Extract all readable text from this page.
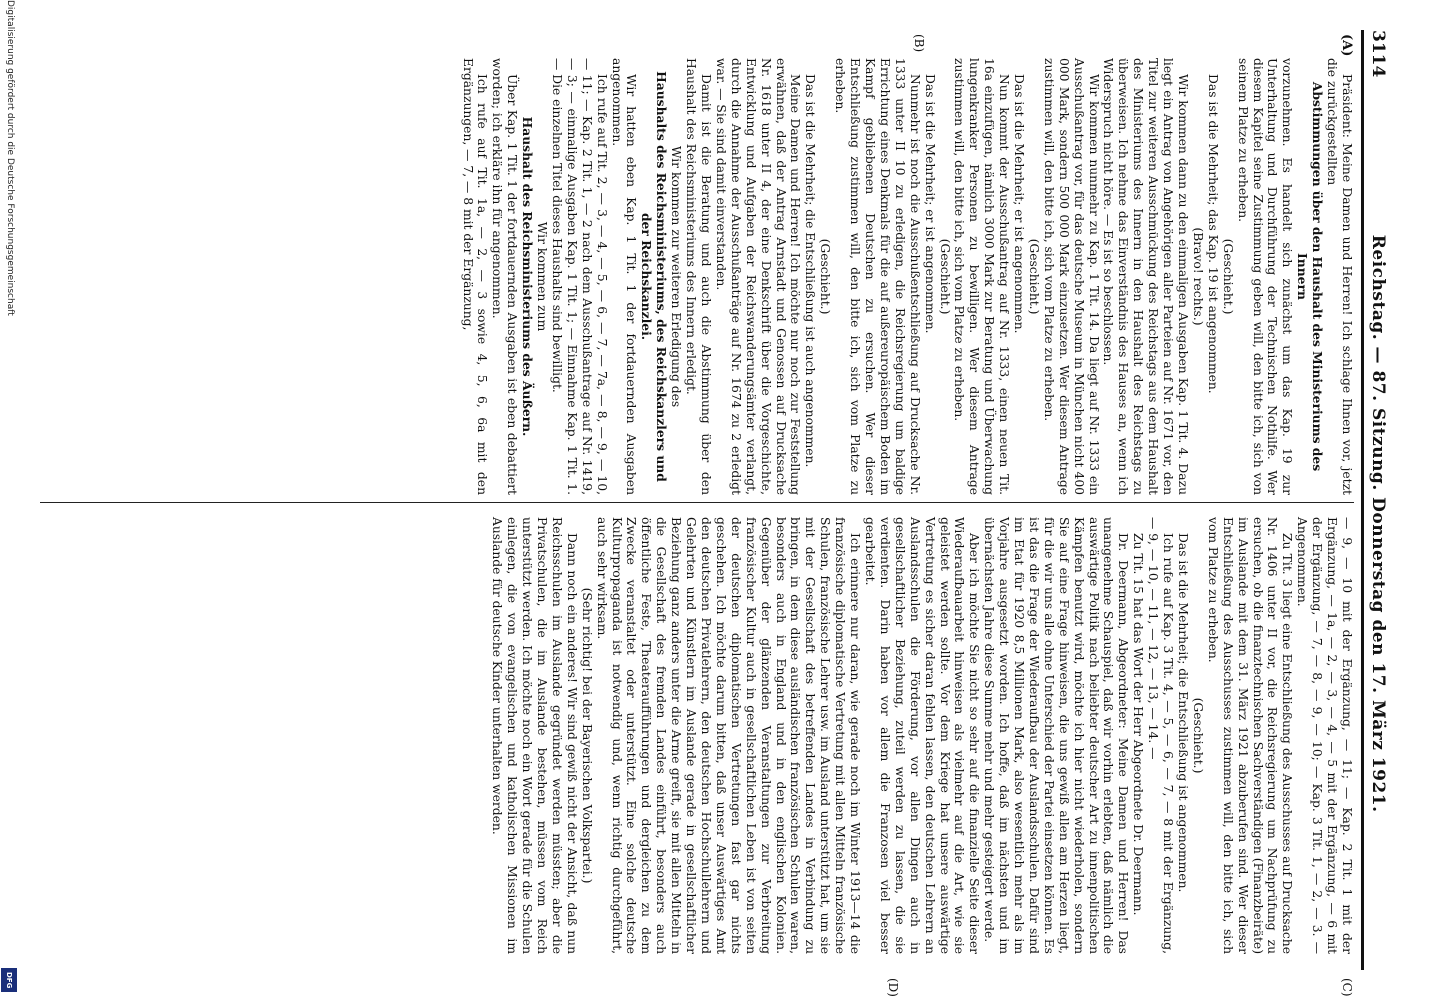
3114
Reichstag. — 87. Sitzung. Donnerstag den 17. März 1921.
(A)
(B)
(C)
(D)

Präsident: Meine Damen und Herren! Ich schlage Ihnen vor, jetzt die zurückgestellten

Abstimmungen über den Haushalt des Ministeriums des Innern

vorzunehmen. Es handelt sich zunächst um das Kap. 19 zur Unterhaltung und Durchführung der Technischen Nothilfe. Wer diesem Kapitel seine Zustimmung geben will, den bitte ich, sich von seinem Platze zu erheben.

(Geschieht.)

Das ist die Mehrheit; das Kap. 19 ist angenommen.

(Bravo! rechts.)

Wir kommen dann zu den einmaligen Ausgaben Kap. 1 Tit. 4. Dazu liegt ein Antrag von Angehörigen aller Parteien auf Nr. 1671 vor, den Titel zur weiteren Ausschmückung des Reichstags aus dem Haushalt des Ministeriums des Innern in den Haushalt des Reichstags zu überweisen. Ich nehme das Einverständnis des Hauses an, wenn ich Widerspruch nicht höre. — Es ist so beschlossen.

Wir kommen nunmehr zu Kap. 1 Tit. 14. Da liegt auf Nr. 1333 ein Ausschußantrag vor, für das deutsche Museum in München nicht 400 000 Mark, sondern 500 000 Mark einzusetzen. Wer diesem Antrage zustimmen will, den bitte ich, sich vom Platze zu erheben.

(Geschieht.)

Das ist die Mehrheit; er ist angenommen.

Nun kommt der Ausschußantrag auf Nr. 1333, einen neuen Tit. 16a einzufügen, nämlich 3000 Mark zur Beratung und Überwachung lungenkranker Personen zu bewilligen. Wer diesem Antrage zustimmen will, den bitte ich, sich vom Platze zu erheben.

(Geschieht.)

Das ist die Mehrheit; er ist angenommen.

Nunmehr ist noch die Ausschußentschließung auf Drucksache Nr. 1333 unter II 10 zu erledigen, die Reichsregierung um baldige Errichtung eines Denkmals für die auf außereuropäischem Boden im Kampf gebliebenen Deutschen zu ersuchen. Wer dieser Entschließung zustimmen will, den bitte ich, sich vom Platze zu erheben.

(Geschieht.)

Das ist die Mehrheit; die Entschließung ist auch angenommen.

Meine Damen und Herren! Ich möchte nur noch zur Feststellung erwähnen, daß der Antrag Arnstadt und Genossen auf Drucksache Nr. 1618 unter II 4, der eine Denkschrift über die Vorgeschichte, Entwicklung und Aufgaben der Reichswanderungsämter verlangt, durch die Annahme der Ausschußanträge auf Nr. 1674 zu 2 erledigt war. — Sie sind damit einverstanden.

Damit ist die Beratung und auch die Abstimmung über den Haushalt des Reichsministeriums des Innern erledigt.

Wir kommen zur weiteren Erledigung des

Haushalts des Reichsministeriums, des Reichskanzlers und der Reichskanzlei.

Wir hatten eben Kap. 1 Tit. 1 der fortdauernden Ausgaben angenommen.

Ich rufe auf Tit. 2, — 3, — 4, — 5, — 6, — 7, — 7a, — 8, — 9, — 10, — 11; — Kap. 2 Tit. 1, — 2 nach dem Ausschußantrage auf Nr. 1419, — 3; — einmalige Ausgaben Kap. 1 Tit. 1; — Einnahme Kap. 1 Tit. 1. — Die einzelnen Titel dieses Haushalts sind bewilligt.

Wir kommen zum

Haushalt des Reichsministeriums des Äußern.

Über Kap. 1 Tit. 1 der fortdauernden Ausgaben ist eben debattiert worden; ich erkläre ihn für angenommen.

Ich rufe auf Tit. 1a, — 2, — 3 sowie 4, 5, 6, 6a mit den Ergänzungen, — 7, — 8 mit der Ergänzung,

— 9, — 10 mit der Ergänzung, — 11; — Kap. 2 Tit. 1 mit der Ergänzung, — 1a, — 2, — 3, — 4, — 5 mit der Ergänzung, — 6 mit der Ergänzung, — 7, — 8, — 9, — 10; — Kap. 3 Tit. 1, — 2, — 3. — Angenommen.

Zu Tit. 3 liegt eine Entschließung des Ausschusses auf Drucksache Nr. 1406 unter II vor, die Reichsregierung um Nachprüfung zu ersuchen, ob die finanztechnischen Sachverständigen (Finanzbeiräte) im Auslande mit dem 31. März 1921 abzuberufen sind. Wer dieser Entschließung des Ausschusses zustimmen will, den bitte ich, sich vom Platze zu erheben.

(Geschieht.)

Das ist die Mehrheit; die Entschließung ist angenommen.

Ich rufe auf Kap. 3 Tit. 4, — 5, — 6, — 7, — 8 mit der Ergänzung, — 9, — 10, — 11, — 12, — 13, — 14. —

Zu Tit. 15 hat das Wort der Herr Abgeordnete Dr. Deermann.

Dr. Deermann, Abgeordneter: Meine Damen und Herren! Das unangenehme Schauspiel, daß wir vorhin erlebten, daß nämlich die auswärtige Politik nach beliebter deutscher Art zu innenpolitischen Kämpfen benutzt wird, möchte ich hier nicht wiederholen, sondern Sie auf eine Frage hinweisen, die uns gewiß allen am Herzen liegt, für die wir uns alle ohne Unterschied der Partei einsetzen können. Es ist das die Frage der Wiederaufbau der Auslandsschulen. Dafür sind im Etat für 1920 8,5 Millionen Mark, also wesentlich mehr als im Vorjahre ausgesetzt worden. Ich hoffe, daß im nächsten und im übernächsten Jahre diese Summe mehr und mehr gesteigert werde.

Aber ich möchte Sie nicht so sehr auf die finanzielle Seite dieser Wiederaufbauarbeit hinweisen als vielmehr auf die Art, wie sie geleistet werden sollte. Vor dem Kriege hat unsere auswärtige Vertretung es sicher daran fehlen lassen, den deutschen Lehrern an Auslandsschulen die Förderung, vor allen Dingen auch in gesellschaftlicher Beziehung, zuteil werden zu lassen, die sie verdienten. Darin haben vor allem die Franzosen viel besser gearbeitet.

Ich erinnere nur daran, wie gerade noch im Winter 1913—14 die französische diplomatische Vertretung mit allen Mitteln französische Schulen, französische Lehrer usw. im Ausland unterstützt hat, um sie mit der Gesellschaft des betreffenden Landes in Verbindung zu bringen, in dem diese ausländischen französischen Schulen waren, besonders auch in England und in den englischen Kolonien. Gegenüber der glänzenden Veranstaltungen zur Verbreitung französischer Kultur auch in gesellschaftlichen Leben ist von seiten der deutschen diplomatischen Vertretungen fast gar nichts geschehen. Ich möchte darum bitten, daß unser Auswärtiges Amt den deutschen Privatlehrern, den deutschen Hochschullehrern und Gelehrten und Künstlern im Auslande gerade in gesellschaftlicher Beziehung ganz anders unter die Arme greift, sie mit allen Mitteln in die Gesellschaft des fremden Landes einführt, besonders auch öffentliche Feste, Theateraufführungen und dergleichen zu dem Zwecke veranstaltet oder unterstützt. Eine solche deutsche Kulturpropaganda ist notwendig und, wenn richtig durchgeführt, auch sehr wirksam.

(Sehr richtig! bei der Bayerischen Volkspartei.)

Dann noch ein anderes! Wir sind gewiß nicht der Ansicht, daß nun Reichsschulen im Auslande gegründet werden müssten; aber die Privatschulen, die im Auslande bestehen, müssen vom Reich unterstützt werden. Ich möchte noch ein Wort gerade für die Schulen einlegen, die von evangelischen und katholischen Missionen im Auslande für deutsche Kinder unterhalten werden.

Digitalisierung gefördert durch die Deutsche Forschungsgemeinschaft
DFG
